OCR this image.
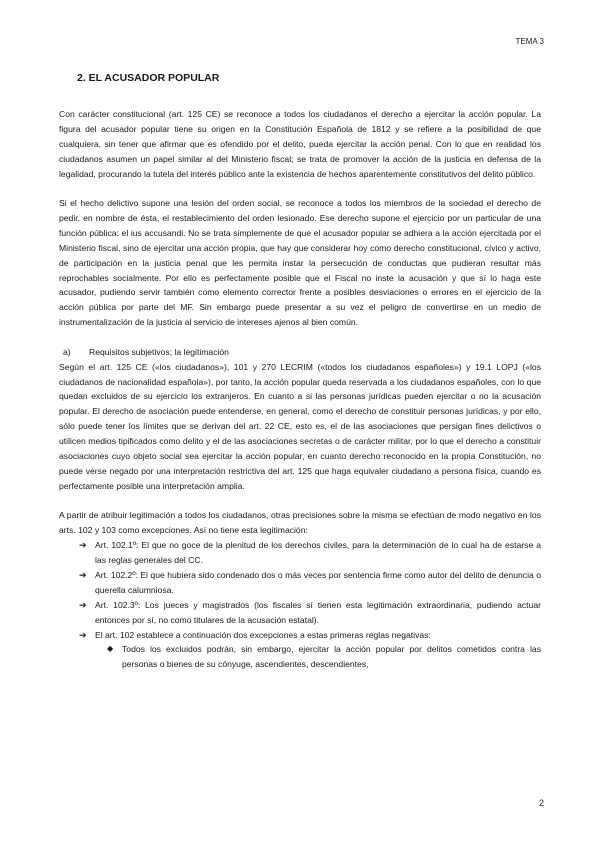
TEMA 3
2. EL ACUSADOR POPULAR

Con carácter constitucional (art. 125 CE) se reconoce a todos los ciudadanos el derecho a ejercitar la acción popular. La figura del acusador popular tiene su origen en la Constitución Española de 1812 y se refiere a la posibilidad de que cualquiera, sin tener que afirmar que es ofendido por el delito, pueda ejercitar la acción penal. Con lo que en realidad los ciudadanos asumen un papel similar al del Ministerio fiscal; se trata de promover la acción de la justicia en defensa de la legalidad, procurando la tutela del interés público ante la existencia de hechos aparentemente constitutivos del delito público.

Si el hecho delictivo supone una lesión del orden social, se reconoce a todos los miembros de la sociedad el derecho de pedir, en nombre de ésta, el restablecimiento del orden lesionado. Ese derecho supone el ejercicio por un particular de una función pública: el ius accusandi. No se trata simplemente de que el acusador popular se adhiera a la acción ejercitada por el Ministerio fiscal, sino de ejercitar una acción propia, que hay que considerar hoy como derecho constitucional, cívico y activo, de participación en la justicia penal que les permita instar la persecución de conductas que pudieran resultar más reprochables socialmente. Por ello es perfectamente posible que el Fiscal no inste la acusación y que sí lo haga este acusador, pudiendo servir también como elemento corrector frente a posibles desviaciones o errores en el ejercicio de la acción pública por parte del MF. Sin embargo puede presentar a su vez el peligro de convertirse en un medio de instrumentalización de la justicia al servicio de intereses ajenos al bien común.

a) Requisitos subjetivos; la legitimación

Según el art. 125 CE («los ciudadanos»), 101 y 270 LECRIM («todos los ciudadanos españoles») y 19.1 LOPJ («los ciudadanos de nacionalidad española»), por tanto, la acción popular queda reservada a los ciudadanos españoles, con lo que quedan excluidos de su ejercicio los extranjeros. En cuanto a si las personas jurídicas pueden ejercitar o no la acusación popular. El derecho de asociación puede entenderse, en general, como el derecho de constituir personas jurídicas, y por ello, sólo puede tener los límites que se derivan del art. 22 CE, esto es, el de las asociaciones que persigan fines delictivos o utilicen medios tipificados como delito y el de las asociaciones secretas o de carácter militar, por lo que el derecho a constituir asociaciones cuyo objeto social sea ejercitar la acción popular, en cuanto derecho reconocido en la propia Constitución, no puede verse negado por una interpretación restrictiva del art. 125 que haga equivaler ciudadano a persona física, cuando es perfectamente posible una interpretación amplia.

A partir de atribuir legitimación a todos los ciudadanos, otras precisiones sobre la misma se efectúan de modo negativo en los arts. 102 y 103 como excepciones. Así no tiene esta legitimación:

➔ Art. 102.1º: El que no goce de la plenitud de los derechos civiles, para la determinación de lo cual ha de estarse a las reglas generales del CC.
➔ Art. 102.2º: El que hubiera sido condenado dos o más veces por sentencia firme como autor del delito de denuncia o querella calumniosa.
➔ Art. 102.3º: Los jueces y magistrados (los fiscales sí tienen esta legitimación extraordinaria, pudiendo actuar entonces por sí, no como titulares de la acusación estatal).
➔ El art. 102 establece a continuación dos excepciones a estas primeras reglas negativas:
◆ Todos los excluidos podrán, sin embargo, ejercitar la acción popular por delitos cometidos contra las personas o bienes de su cónyuge, ascendientes, descendientes,
2
